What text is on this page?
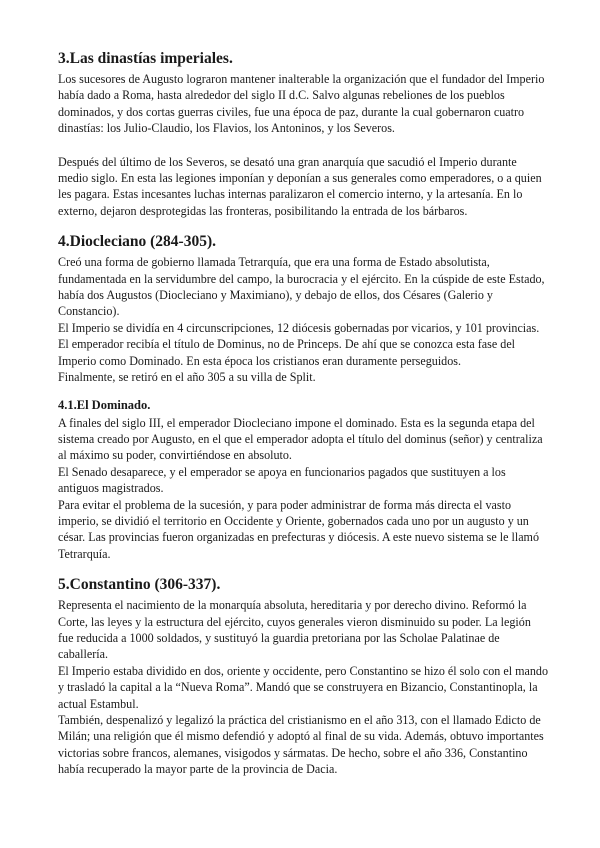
3.Las dinastías imperiales.

Los sucesores de Augusto lograron mantener inalterable la organización que el fundador del Imperio había dado a Roma, hasta alrededor del siglo II d.C. Salvo algunas rebeliones de los pueblos dominados, y dos cortas guerras civiles, fue una época de paz, durante la cual gobernaron cuatro dinastías: los Julio-Claudio, los Flavios, los Antoninos, y los Severos.

Después del último de los Severos, se desató una gran anarquía que sacudió el Imperio durante medio siglo. En esta las legiones imponían y deponían a sus generales como emperadores, o a quien les pagara. Estas incesantes luchas internas paralizaron el comercio interno, y la artesanía. En lo externo, dejaron desprotegidas las fronteras, posibilitando la entrada de los bárbaros.

4.Diocleciano (284-305).

Creó una forma de gobierno llamada Tetrarquía, que era una forma de Estado absolutista, fundamentada en la servidumbre del campo, la burocracia y el ejército. En la cúspide de este Estado, había dos Augustos (Diocleciano y Maximiano), y debajo de ellos, dos Césares (Galerio y Constancio).

El Imperio se dividía en 4 circunscripciones, 12 diócesis gobernadas por vicarios, y 101 provincias.

El emperador recibía el título de Dominus, no de Princeps. De ahí que se conozca esta fase del Imperio como Dominado. En esta época los cristianos eran duramente perseguidos.

Finalmente, se retiró en el año 305 a su villa de Split.

4.1.El Dominado.

A finales del siglo III, el emperador Diocleciano impone el dominado. Esta es la segunda etapa del sistema creado por Augusto, en el que el emperador adopta el título del dominus (señor) y centraliza al máximo su poder, convirtiéndose en absoluto.

El Senado desaparece, y el emperador se apoya en funcionarios pagados que sustituyen a los antiguos magistrados.

Para evitar el problema de la sucesión, y para poder administrar de forma más directa el vasto imperio, se dividió el territorio en Occidente y Oriente, gobernados cada uno por un augusto y un césar. Las provincias fueron organizadas en prefecturas y diócesis. A este nuevo sistema se le llamó Tetrarquía.

5.Constantino (306-337).

Representa el nacimiento de la monarquía absoluta, hereditaria y por derecho divino. Reformó la Corte, las leyes y la estructura del ejército, cuyos generales vieron disminuido su poder. La legión fue reducida a 1000 soldados, y sustituyó la guardia pretoriana por las Scholae Palatinae de caballería.

El Imperio estaba dividido en dos, oriente y occidente, pero Constantino se hizo él solo con el mando y trasladó la capital a la “Nueva Roma”. Mandó que se construyera en Bizancio, Constantinopla, la actual Estambul.

También, despenalizó y legalizó la práctica del cristianismo en el año 313, con el llamado Edicto de Milán; una religión que él mismo defendió y adoptó al final de su vida. Además, obtuvo importantes victorias sobre francos, alemanes, visigodos y sármatas. De hecho, sobre el año 336, Constantino había recuperado la mayor parte de la provincia de Dacia.
